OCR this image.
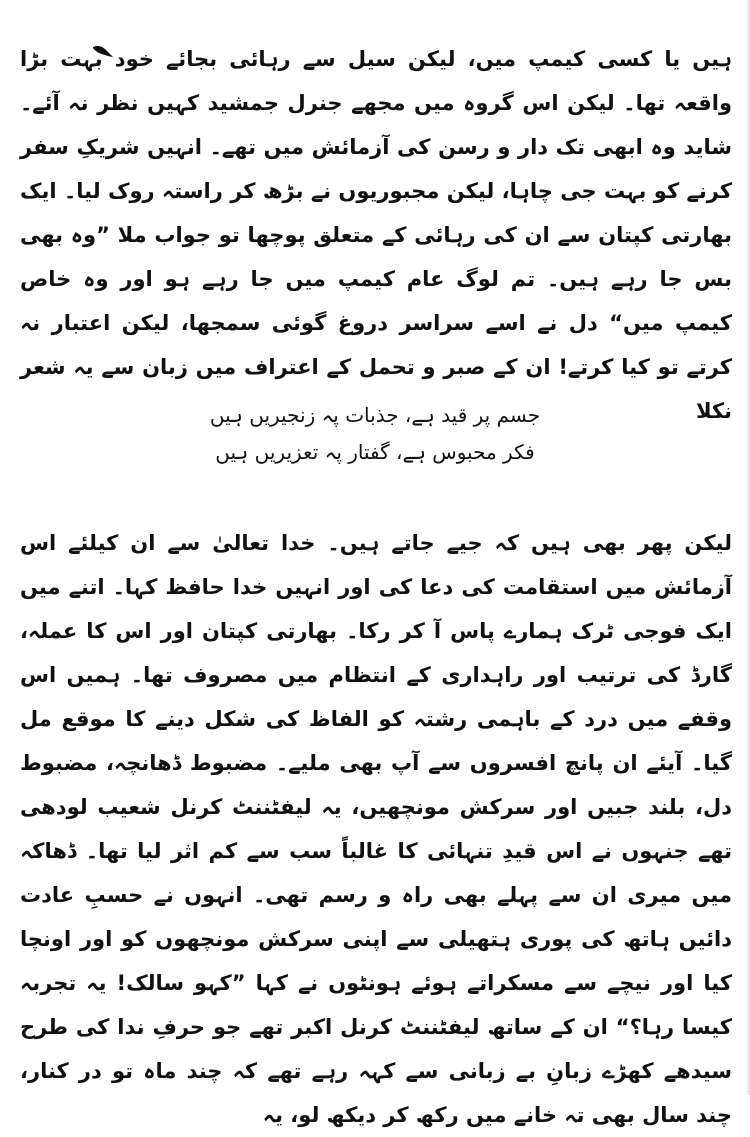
ہیں یا کسی کیمپ میں، لیکن سیل سے رہائی بجائے خود بہت بڑا واقعہ تھا۔ لیکن اس گروہ میں مجھے جنرل جمشید کہیں نظر نہ آئے۔ شاید وہ ابھی تک دار و رسن کی آزمائش میں تھے۔ انہیں شریکِ سفر کرنے کو بہت جی چاہا، لیکن مجبوریوں نے بڑھ کر راستہ روک لیا۔ ایک بھارتی کپتان سے ان کی رہائی کے متعلق پوچھا تو جواب ملا ”وہ بھی بس جا رہے ہیں۔ تم لوگ عام کیمپ میں جا رہے ہو اور وہ خاص کیمپ میں“ دل نے اسے سراسر دروغ گوئی سمجھا، لیکن اعتبار نہ کرتے تو کیا کرتے! ان کے صبر و تحمل کے اعتراف میں زبان سے یہ شعر نکلا

جسم پر قید ہے، جذبات پہ زنجیریں ہیں
فکر محبوس ہے، گفتار پہ تعزیریں ہیں

لیکن پھر بھی ہیں کہ جیے جاتے ہیں۔ خدا تعالیٰ سے ان کیلئے اس آزمائش میں استقامت کی دعا کی اور انہیں خدا حافظ کہا۔ اتنے میں ایک فوجی ٹرک ہمارے پاس آ کر رکا۔ بھارتی کپتان اور اس کا عملہ، گارڈ کی ترتیب اور راہداری کے انتظام میں مصروف تھا۔ ہمیں اس وقفے میں درد کے باہمی رشتہ کو الفاظ کی شکل دینے کا موقع مل گیا۔ آیئے ان پانچ افسروں سے آپ بھی ملیے۔ مضبوط ڈھانچہ، مضبوط دل، بلند جبیں اور سرکش مونچھیں، یہ لیفٹننٹ کرنل شعیب لودھی تھے جنہوں نے اس قیدِ تنہائی کا غالباً سب سے کم اثر لیا تھا۔ ڈھاکہ میں میری ان سے پہلے بھی راہ و رسم تھی۔ انہوں نے حسبِ عادت دائیں ہاتھ کی پوری ہتھیلی سے اپنی سرکش مونچھوں کو اور اونچا کیا اور نیچے سے مسکراتے ہوئے ہونٹوں نے کہا ”کہو سالک! یہ تجربہ کیسا رہا؟“ ان کے ساتھ لیفٹننٹ کرنل اکبر تھے جو حرفِ ندا کی طرح سیدھے کھڑے زبانِ بے زبانی سے کہہ رہے تھے کہ چند ماہ تو در کنار، چند سال بھی تہ خانے میں رکھ کر دیکھ لو، یہ
